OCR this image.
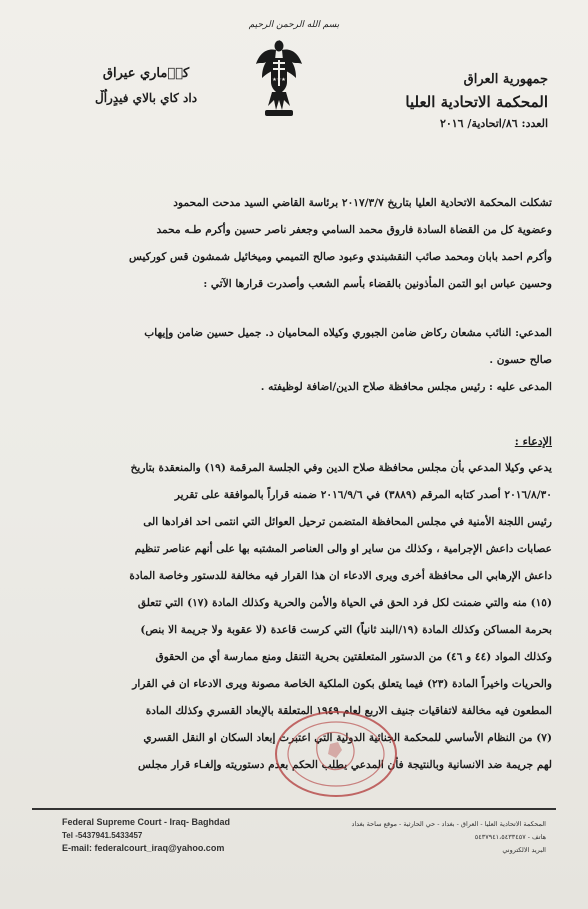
بسم الله الرحمن الرحيم
★★★	جمهورية العراق
المحكمة الاتحادية العليا
العدد: ٨٦/اتحادية/ ٢٠١٦
كو٘ماري عيراق
داد كاي بالاي فيدٍراٌڵ
تشكلت المحكمة الاتحادية العليا بتاريخ ٢٠١٧/٣/٧ برئاسة القاضي السيد مدحت المحمود
وعضوية كل من القضاة السادة فاروق محمد السامي وجعفر ناصر حسين وأكرم طـه محمد
وأكرم احمد بابان ومحمد صائب النقشبندي وعبود صالح التميمي وميخائيل شمشون قس كوركيس
وحسين عباس ابو التمن المأذونين بالقضاء بأسم الشعب وأصدرت قرارها الآتي :
المدعي: النائب مشعان ركاض ضامن الجبوري وكيلاه المحاميان د. جميل حسين ضامن وإيهاب
صالح حسون .
المدعى عليه : رئيس مجلس محافظة صلاح الدين/اضافة لوظيفته .
الإدعاء :
يدعي وكيلا المدعي بأن مجلس محافظة صلاح الدين وفي الجلسة المرقمة (١٩) والمنعقدة بتاريخ
٢٠١٦/٨/٣٠ أصدر كتابه المرقم (٣٨٨٩) في ٢٠١٦/٩/٦ ضمنه قراراً بالموافقة على تقرير
رئيس اللجنة الأمنية في مجلس المحافظة المتضمن ترحيل العوائل التي انتمى احد افرادها الى
عصابات داعش الإجرامية ، وكذلك من ساير او والى العناصر المشتبه بها على أنهم عناصر تنظيم
داعش الإرهابي الى محافظة أخرى ويرى الادعاء ان هذا القرار فيه مخالفة للدستور وخاصة المادة
(١٥) منه والتي ضمنت لكل فرد الحق في الحياة والأمن والحرية وكذلك المادة (١٧) التي تتعلق
بحرمة المساكن وكذلك المادة (١٩/البند ثانياً) التي كرست قاعدة (لا عقوبة ولا جريمة الا بنص)
وكذلك المواد (٤٤ و ٤٦) من الدستور المتعلقتين بحرية التنقل ومنع ممارسة أي من الحقوق
والحريات واخيراً المادة (٢٣) فيما يتعلق بكون الملكية الخاصة مصونة ويرى الادعاء ان في القرار
المطعون فيه مخالفة لاتفاقيات جنيف الاربع لعام ١٩٤٩ المتعلقة بالإبعاد القسري وكذلك المادة
(٧) من النظام الأساسي للمحكمة الجنائية الدولية التي اعتبرت إبعاد السكان او النقل القسري
لهم جريمة ضد الانسانية وبالنتيجة فأن المدعي يطلب الحكم بعدم دستوريته وإلغـاء قرار مجلس
Federal Supreme Court - Iraq- Baghdad
Tel -5437941.5433457
E-mail: federalcourt_iraq@yahoo.com
المحكمة الاتحادية العليا - العراق - بغداد - حي الحارثية - موقع ساحة بغداد
هاتف - ٥٤٣٧٩٤١،٥٤٣٣٤٥٧
البريد الالكتروني
